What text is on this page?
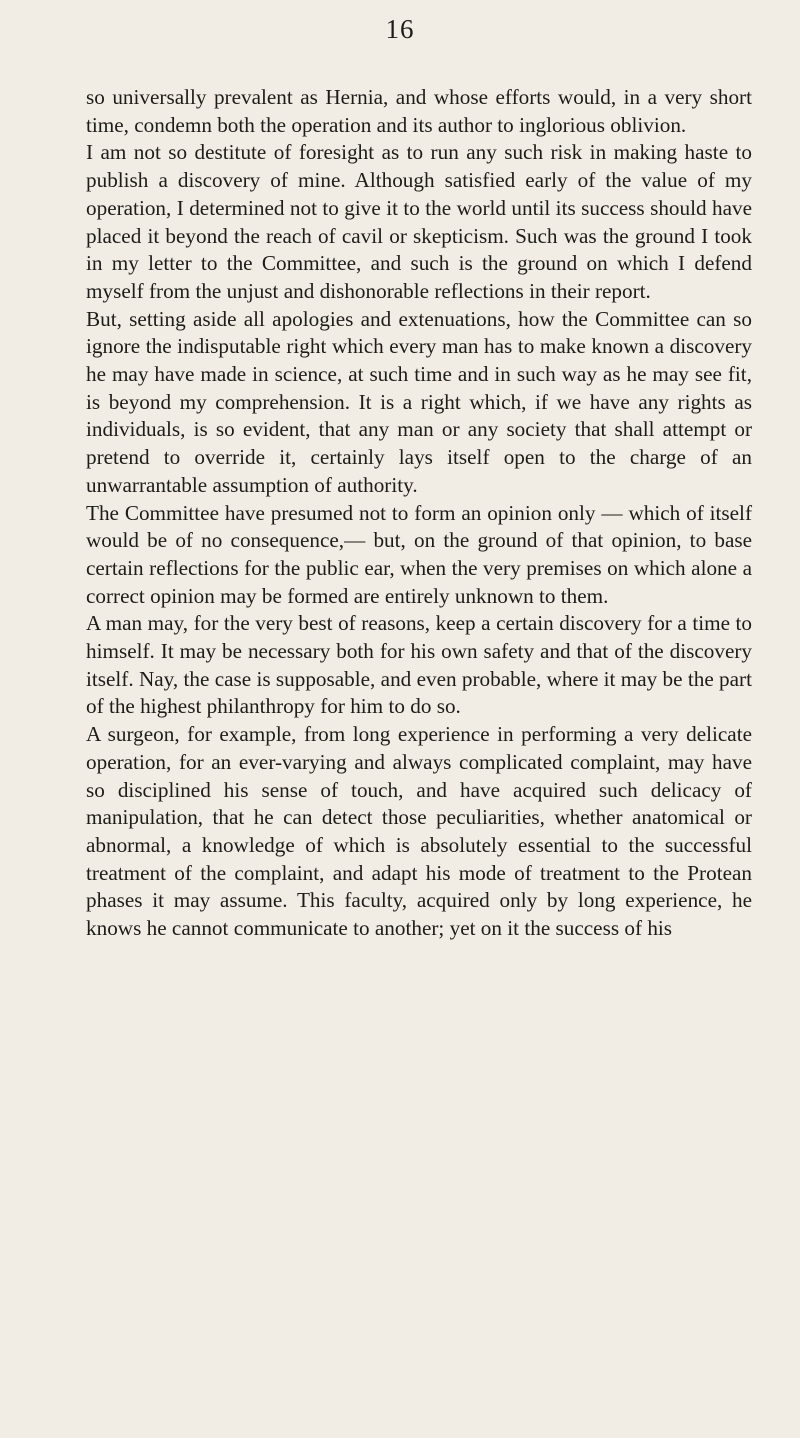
16

so universally prevalent as Hernia, and whose efforts would, in a very short time, condemn both the operation and its author to inglorious oblivion.

I am not so destitute of foresight as to run any such risk in making haste to publish a discovery of mine. Although satisfied early of the value of my operation, I determined not to give it to the world until its success should have placed it beyond the reach of cavil or skepticism. Such was the ground I took in my letter to the Committee, and such is the ground on which I defend myself from the unjust and dishonorable reflections in their report.

But, setting aside all apologies and extenuations, how the Committee can so ignore the indisputable right which every man has to make known a discovery he may have made in science, at such time and in such way as he may see fit, is beyond my comprehension. It is a right which, if we have any rights as individuals, is so evident, that any man or any society that shall attempt or pretend to override it, certainly lays itself open to the charge of an unwarrantable assumption of authority.

The Committee have presumed not to form an opinion only — which of itself would be of no consequence,— but, on the ground of that opinion, to base certain reflections for the public ear, when the very premises on which alone a correct opinion may be formed are entirely unknown to them.

A man may, for the very best of reasons, keep a certain discovery for a time to himself. It may be necessary both for his own safety and that of the discovery itself. Nay, the case is supposable, and even probable, where it may be the part of the highest philanthropy for him to do so.

A surgeon, for example, from long experience in performing a very delicate operation, for an ever-varying and always complicated complaint, may have so disciplined his sense of touch, and have acquired such delicacy of manipulation, that he can detect those peculiarities, whether anatomical or abnormal, a knowledge of which is absolutely essential to the successful treatment of the complaint, and adapt his mode of treatment to the Protean phases it may assume. This faculty, acquired only by long experience, he knows he cannot communicate to another; yet on it the success of his
